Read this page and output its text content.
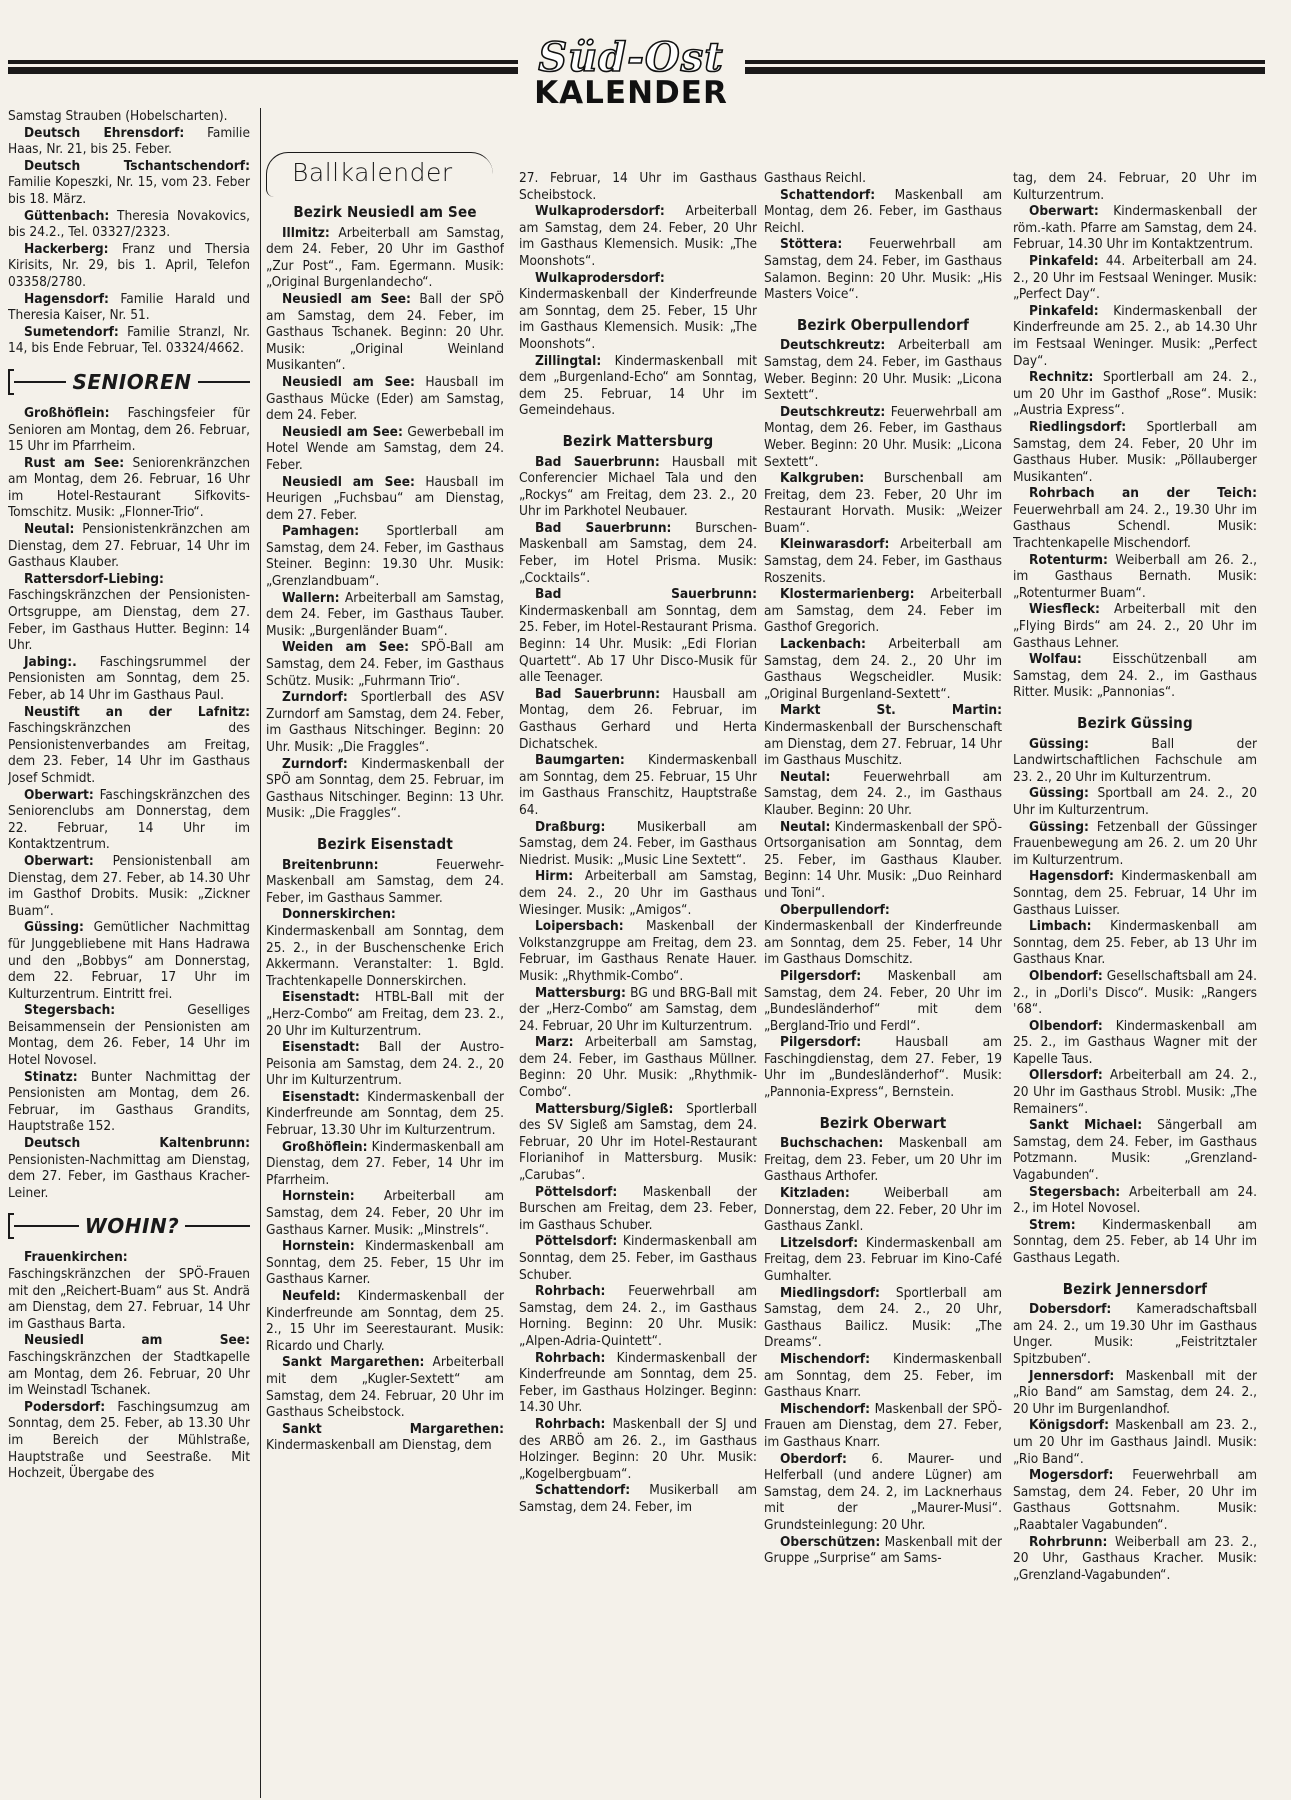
Süd-Ost
KALENDER

Samstag Strauben (Hobelscharten).

Deutsch Ehrensdorf: Familie Haas, Nr. 21, bis 25. Feber.

Deutsch Tschantschendorf: Familie Kopeszki, Nr. 15, vom 23. Feber bis 18. März.

Güttenbach: Theresia Novakovics, bis 24.2., Tel. 03327/2323.

Hackerberg: Franz und Thersia Kirisits, Nr. 29, bis 1. April, Telefon 03358/2780.

Hagensdorf: Familie Harald und Theresia Kaiser, Nr. 51.

Sumetendorf: Familie Stranzl, Nr. 14, bis Ende Februar, Tel. 03324/4662.

SENIOREN

Großhöflein: Faschingsfeier für Senioren am Montag, dem 26. Februar, 15 Uhr im Pfarrheim.

Rust am See: Seniorenkränzchen am Montag, dem 26. Februar, 16 Uhr im Hotel-Restaurant Sifkovits-Tomschitz. Musik: „Flonner-Trio“.

Neutal: Pensionistenkränzchen am Dienstag, dem 27. Februar, 14 Uhr im Gasthaus Klauber.

Rattersdorf-Liebing: Faschingskränzchen der Pensionisten-Ortsgruppe, am Dienstag, dem 27. Feber, im Gasthaus Hutter. Beginn: 14 Uhr.

Jabing:. Faschingsrummel der Pensionisten am Sonntag, dem 25. Feber, ab 14 Uhr im Gasthaus Paul.

Neustift an der Lafnitz: Faschingskränzchen des Pensionistenverbandes am Freitag, dem 23. Feber, 14 Uhr im Gasthaus Josef Schmidt.

Oberwart: Faschingskränzchen des Seniorenclubs am Donnerstag, dem 22. Februar, 14 Uhr im Kontaktzentrum.

Oberwart: Pensionistenball am Dienstag, dem 27. Feber, ab 14.30 Uhr im Gasthof Drobits. Musik: „Zickner Buam“.

Güssing: Gemütlicher Nachmittag für Junggebliebene mit Hans Hadrawa und den „Bobbys“ am Donnerstag, dem 22. Februar, 17 Uhr im Kulturzentrum. Eintritt frei.

Stegersbach: Geselliges Beisammensein der Pensionisten am Montag, dem 26. Feber, 14 Uhr im Hotel Novosel.

Stinatz: Bunter Nachmittag der Pensionisten am Montag, dem 26. Februar, im Gasthaus Grandits, Hauptstraße 152.

Deutsch Kaltenbrunn: Pensionisten-Nachmittag am Dienstag, dem 27. Feber, im Gasthaus Kracher-Leiner.

WOHIN?

Frauenkirchen: Faschingskränzchen der SPÖ-Frauen mit den „Reichert-Buam“ aus St. Andrä am Dienstag, dem 27. Februar, 14 Uhr im Gasthaus Barta.

Neusiedl am See: Faschingskränzchen der Stadtkapelle am Montag, dem 26. Februar, 20 Uhr im Weinstadl Tschanek.

Podersdorf: Faschingsumzug am Sonntag, dem 25. Feber, ab 13.30 Uhr im Bereich der Mühlstraße, Hauptstraße und Seestraße. Mit Hochzeit, Übergabe des

Ballkalender
Bezirk Neusiedl am See

Illmitz: Arbeiterball am Samstag, dem 24. Feber, 20 Uhr im Gasthof „Zur Post“., Fam. Egermann. Musik: „Original Burgenlandecho“.

Neusiedl am See: Ball der SPÖ am Samstag, dem 24. Feber, im Gasthaus Tschanek. Beginn: 20 Uhr. Musik: „Original Weinland Musikanten“.

Neusiedl am See: Hausball im Gasthaus Mücke (Eder) am Samstag, dem 24. Feber.

Neusiedl am See: Gewerbeball im Hotel Wende am Samstag, dem 24. Feber.

Neusiedl am See: Hausball im Heurigen „Fuchsbau“ am Dienstag, dem 27. Feber.

Pamhagen: Sportlerball am Samstag, dem 24. Feber, im Gasthaus Steiner. Beginn: 19.30 Uhr. Musik: „Grenzlandbuam“.

Wallern: Arbeiterball am Samstag, dem 24. Feber, im Gasthaus Tauber. Musik: „Burgenländer Buam“.

Weiden am See: SPÖ-Ball am Samstag, dem 24. Feber, im Gasthaus Schütz. Musik: „Fuhrmann Trio“.

Zurndorf: Sportlerball des ASV Zurndorf am Samstag, dem 24. Feber, im Gasthaus Nitschinger. Beginn: 20 Uhr. Musik: „Die Fraggles“.

Zurndorf: Kindermaskenball der SPÖ am Sonntag, dem 25. Februar, im Gasthaus Nitschinger. Beginn: 13 Uhr. Musik: „Die Fraggles“.

Bezirk Eisenstadt

Breitenbrunn: Feuerwehr-Maskenball am Samstag, dem 24. Feber, im Gasthaus Sammer.

Donnerskirchen: Kindermaskenball am Sonntag, dem 25. 2., in der Buschenschenke Erich Akkermann. Veranstalter: 1. Bgld. Trachtenkapelle Donnerskirchen.

Eisenstadt: HTBL-Ball mit der „Herz-Combo“ am Freitag, dem 23. 2., 20 Uhr im Kulturzentrum.

Eisenstadt: Ball der Austro-Peisonia am Samstag, dem 24. 2., 20 Uhr im Kulturzentrum.

Eisenstadt: Kindermaskenball der Kinderfreunde am Sonntag, dem 25. Februar, 13.30 Uhr im Kulturzentrum.

Großhöflein: Kindermaskenball am Dienstag, dem 27. Feber, 14 Uhr im Pfarrheim.

Hornstein: Arbeiterball am Samstag, dem 24. Feber, 20 Uhr im Gasthaus Karner. Musik: „Minstrels“.

Hornstein: Kindermaskenball am Sonntag, dem 25. Feber, 15 Uhr im Gasthaus Karner.

Neufeld: Kindermaskenball der Kinderfreunde am Sonntag, dem 25. 2., 15 Uhr im Seerestaurant. Musik: Ricardo und Charly.

Sankt Margarethen: Arbeiterball mit dem „Kugler-Sextett“ am Samstag, dem 24. Februar, 20 Uhr im Gasthaus Scheibstock.

Sankt Margarethen: Kindermaskenball am Dienstag, dem

27. Februar, 14 Uhr im Gasthaus Scheibstock.

Wulkaprodersdorf: Arbeiterball am Samstag, dem 24. Feber, 20 Uhr im Gasthaus Klemensich. Musik: „The Moonshots“.

Wulkaprodersdorf: Kindermaskenball der Kinderfreunde am Sonntag, dem 25. Feber, 15 Uhr im Gasthaus Klemensich. Musik: „The Moonshots“.

Zillingtal: Kindermaskenball mit dem „Burgenland-Echo“ am Sonntag, dem 25. Februar, 14 Uhr im Gemeindehaus.

Bezirk Mattersburg

Bad Sauerbrunn: Hausball mit Conferencier Michael Tala und den „Rockys“ am Freitag, dem 23. 2., 20 Uhr im Parkhotel Neubauer.

Bad Sauerbrunn: Burschen-Maskenball am Samstag, dem 24. Feber, im Hotel Prisma. Musik: „Cocktails“.

Bad Sauerbrunn: Kindermaskenball am Sonntag, dem 25. Feber, im Hotel-Restaurant Prisma. Beginn: 14 Uhr. Musik: „Edi Florian Quartett“. Ab 17 Uhr Disco-Musik für alle Teenager.

Bad Sauerbrunn: Hausball am Montag, dem 26. Februar, im Gasthaus Gerhard und Herta Dichatschek.

Baumgarten: Kindermaskenball am Sonntag, dem 25. Februar, 15 Uhr im Gasthaus Franschitz, Hauptstraße 64.

Draßburg: Musikerball am Samstag, dem 24. Feber, im Gasthaus Niedrist. Musik: „Music Line Sextett“.

Hirm: Arbeiterball am Samstag, dem 24. 2., 20 Uhr im Gasthaus Wiesinger. Musik: „Amigos“.

Loipersbach: Maskenball der Volkstanzgruppe am Freitag, dem 23. Februar, im Gasthaus Renate Hauer. Musik: „Rhythmik-Combo“.

Mattersburg: BG und BRG-Ball mit der „Herz-Combo“ am Samstag, dem 24. Februar, 20 Uhr im Kulturzentrum.

Marz: Arbeiterball am Samstag, dem 24. Feber, im Gasthaus Müllner. Beginn: 20 Uhr. Musik: „Rhythmik-Combo“.

Mattersburg/Sigleß: Sportlerball des SV Sigleß am Samstag, dem 24. Februar, 20 Uhr im Hotel-Restaurant Florianihof in Mattersburg. Musik: „Carubas“.

Pöttelsdorf: Maskenball der Burschen am Freitag, dem 23. Feber, im Gasthaus Schuber.

Pöttelsdorf: Kindermaskenball am Sonntag, dem 25. Feber, im Gasthaus Schuber.

Rohrbach: Feuerwehrball am Samstag, dem 24. 2., im Gasthaus Horning. Beginn: 20 Uhr. Musik: „Alpen-Adria-Quintett“.

Rohrbach: Kindermaskenball der Kinderfreunde am Sonntag, dem 25. Feber, im Gasthaus Holzinger. Beginn: 14.30 Uhr.

Rohrbach: Maskenball der SJ und des ARBÖ am 26. 2., im Gasthaus Holzinger. Beginn: 20 Uhr. Musik: „Kogelbergbuam“.

Schattendorf: Musikerball am Samstag, dem 24. Feber, im

Gasthaus Reichl.

Schattendorf: Maskenball am Montag, dem 26. Feber, im Gasthaus Reichl.

Stöttera: Feuerwehrball am Samstag, dem 24. Feber, im Gasthaus Salamon. Beginn: 20 Uhr. Musik: „His Masters Voice“.

Bezirk Oberpullendorf

Deutschkreutz: Arbeiterball am Samstag, dem 24. Feber, im Gasthaus Weber. Beginn: 20 Uhr. Musik: „Licona Sextett“.

Deutschkreutz: Feuerwehrball am Montag, dem 26. Feber, im Gasthaus Weber. Beginn: 20 Uhr. Musik: „Licona Sextett“.

Kalkgruben: Burschenball am Freitag, dem 23. Feber, 20 Uhr im Restaurant Horvath. Musik: „Weizer Buam“.

Kleinwarasdorf: Arbeiterball am Samstag, dem 24. Feber, im Gasthaus Roszenits.

Klostermarienberg: Arbeiterball am Samstag, dem 24. Feber im Gasthof Gregorich.

Lackenbach: Arbeiterball am Samstag, dem 24. 2., 20 Uhr im Gasthaus Wegscheidler. Musik: „Original Burgenland-Sextett“.

Markt St. Martin: Kindermaskenball der Burschenschaft am Dienstag, dem 27. Februar, 14 Uhr im Gasthaus Muschitz.

Neutal: Feuerwehrball am Samstag, dem 24. 2., im Gasthaus Klauber. Beginn: 20 Uhr.

Neutal: Kindermaskenball der SPÖ-Ortsorganisation am Sonntag, dem 25. Feber, im Gasthaus Klauber. Beginn: 14 Uhr. Musik: „Duo Reinhard und Toni“.

Oberpullendorf: Kindermaskenball der Kinderfreunde am Sonntag, dem 25. Feber, 14 Uhr im Gasthaus Domschitz.

Pilgersdorf: Maskenball am Samstag, dem 24. Feber, 20 Uhr im „Bundesländerhof“ mit dem „Bergland-Trio und Ferdl“.

Pilgersdorf: Hausball am Faschingdienstag, dem 27. Feber, 19 Uhr im „Bundesländerhof“. Musik: „Pannonia-Express“, Bernstein.

Bezirk Oberwart

Buchschachen: Maskenball am Freitag, dem 23. Feber, um 20 Uhr im Gasthaus Arthofer.

Kitzladen: Weiberball am Donnerstag, dem 22. Feber, 20 Uhr im Gasthaus Zankl.

Litzelsdorf: Kindermaskenball am Freitag, dem 23. Februar im Kino-Café Gumhalter.

Miedlingsdorf: Sportlerball am Samstag, dem 24. 2., 20 Uhr, Gasthaus Bailicz. Musik: „The Dreams“.

Mischendorf: Kindermaskenball am Sonntag, dem 25. Feber, im Gasthaus Knarr.

Mischendorf: Maskenball der SPÖ-Frauen am Dienstag, dem 27. Feber, im Gasthaus Knarr.

Oberdorf: 6. Maurer- und Helferball (und andere Lügner) am Samstag, dem 24. 2, im Lacknerhaus mit der „Maurer-Musi“. Grundsteinlegung: 20 Uhr.

Oberschützen: Maskenball mit der Gruppe „Surprise“ am Sams-

tag, dem 24. Februar, 20 Uhr im Kulturzentrum.

Oberwart: Kindermaskenball der röm.-kath. Pfarre am Samstag, dem 24. Februar, 14.30 Uhr im Kontaktzentrum.

Pinkafeld: 44. Arbeiterball am 24. 2., 20 Uhr im Festsaal Weninger. Musik: „Perfect Day“.

Pinkafeld: Kindermaskenball der Kinderfreunde am 25. 2., ab 14.30 Uhr im Festsaal Weninger. Musik: „Perfect Day“.

Rechnitz: Sportlerball am 24. 2., um 20 Uhr im Gasthof „Rose“. Musik: „Austria Express“.

Riedlingsdorf: Sportlerball am Samstag, dem 24. Feber, 20 Uhr im Gasthaus Huber. Musik: „Pöllauberger Musikanten“.

Rohrbach an der Teich: Feuerwehrball am 24. 2., 19.30 Uhr im Gasthaus Schendl. Musik: Trachtenkapelle Mischendorf.

Rotenturm: Weiberball am 26. 2., im Gasthaus Bernath. Musik: „Rotenturmer Buam“.

Wiesfleck: Arbeiterball mit den „Flying Birds“ am 24. 2., 20 Uhr im Gasthaus Lehner.

Wolfau: Eisschützenball am Samstag, dem 24. 2., im Gasthaus Ritter. Musik: „Pannonias“.

Bezirk Güssing

Güssing: Ball der Landwirtschaftlichen Fachschule am 23. 2., 20 Uhr im Kulturzentrum.

Güssing: Sportball am 24. 2., 20 Uhr im Kulturzentrum.

Güssing: Fetzenball der Güssinger Frauenbewegung am 26. 2. um 20 Uhr im Kulturzentrum.

Hagensdorf: Kindermaskenball am Sonntag, dem 25. Februar, 14 Uhr im Gasthaus Luisser.

Limbach: Kindermaskenball am Sonntag, dem 25. Feber, ab 13 Uhr im Gasthaus Knar.

Olbendorf: Gesellschaftsball am 24. 2., in „Dorli's Disco“. Musik: „Rangers '68“.

Olbendorf: Kindermaskenball am 25. 2., im Gasthaus Wagner mit der Kapelle Taus.

Ollersdorf: Arbeiterball am 24. 2., 20 Uhr im Gasthaus Strobl. Musik: „The Remainers“.

Sankt Michael: Sängerball am Samstag, dem 24. Feber, im Gasthaus Potzmann. Musik: „Grenzland-Vagabunden“.

Stegersbach: Arbeiterball am 24. 2., im Hotel Novosel.

Strem: Kindermaskenball am Sonntag, dem 25. Feber, ab 14 Uhr im Gasthaus Legath.

Bezirk Jennersdorf

Dobersdorf: Kameradschaftsball am 24. 2., um 19.30 Uhr im Gasthaus Unger. Musik: „Feistritztaler Spitzbuben“.

Jennersdorf: Maskenball mit der „Rio Band“ am Samstag, dem 24. 2., 20 Uhr im Burgenlandhof.

Königsdorf: Maskenball am 23. 2., um 20 Uhr im Gasthaus Jaindl. Musik: „Rio Band“.

Mogersdorf: Feuerwehrball am Samstag, dem 24. Feber, 20 Uhr im Gasthaus Gottsnahm. Musik: „Raabtaler Vagabunden“.

Rohrbrunn: Weiberball am 23. 2., 20 Uhr, Gasthaus Kracher. Musik: „Grenzland-Vagabunden“.
